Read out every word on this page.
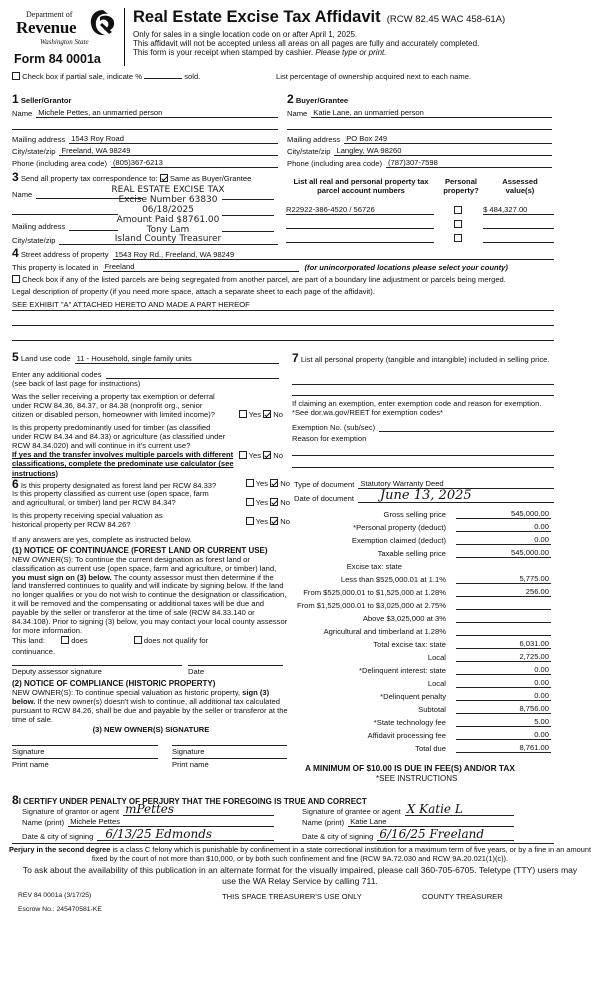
Department of
Revenue
Washington State
Form 84 0001a
Real Estate Excise Tax Affidavit (RCW 82.45 WAC 458-61A)
Only for sales in a single location code on or after April 1, 2025.
This affidavit will not be accepted unless all areas on all pages are fully and accurately completed.
This form is your receipt when stamped by cashier. Please type or print.
Check box if partial sale, indicate %	sold.	List percentage of ownership acquired next to each name.
1 Seller/Grantor
Name Michele Pettes, an unmarried person
Mailing address 1543 Roy Road
City/state/zip Freeland, WA 98249
Phone (including area code) (805)367-6213
2 Buyer/Grantee
Name Katie Lane, an unmarried person
Mailing address PO Box 249
City/state/zip Langley, WA 98260
Phone (including area code) (787)307-7598
3 Send all property tax correspondence to: Same as Buyer/Grantee
Name
Mailing address
City/state/zip
REAL ESTATE EXCISE TAX
Excise Number 63830
06/18/2025
Amount Paid $8761.00
Tony Lam
Island County Treasurer
List all real and personal property tax parcel account numbers
Personal property?
Assessed value(s)
R22922-386-4520 / 56726	$ 484,327.00
4 Street address of property 1543 Roy Rd., Freeland, WA 98249
This property is located in Freeland	(for unincorporated locations please select your county)
Check box if any of the listed parcels are being segregated from another parcel, are part of a boundary line adjustment or parcels being merged.
Legal description of property (if you need more space, attach a separate sheet to each page of the affidavit).
SEE EXHIBIT "A" ATTACHED HERETO AND MADE A PART HEREOF
5 Land use code 11 - Household, single family units
Enter any additional codes
(see back of last page for instructions)
Was the seller receiving a property tax exemption or deferral under RCW 84.36, 84.37, or 84.38 (nonprofit org., senior citizen or disabled person, homeowner with limited income)?	Yes No
Is this property predominantly used for timber (as classified under RCW 84.34 and 84.33) or agriculture (as classified under RCW 84.34.020) and will continue in it's current use?
If yes and the transfer involves multiple parcels with different classifications, complete the predominate use calculator (see instructions)
Yes No
7 List all personal property (tangible and intangible) included in selling price.
If claiming an exemption, enter exemption code and reason for exemption. *See dor.wa.gov/REET for exemption codes*
Exemption No. (sub/sec)
Reason for exemption
6 Is this property designated as forest land per RCW 84.33?	Yes No
Is this property classified as current use (open space, farm and agricultural, or timber) land per RCW 84.34?	Yes No
Is this property receiving special valuation as historical property per RCW 84.26?	Yes No
If any answers are yes, complete as instructed below.
(1) NOTICE OF CONTINUANCE (FOREST LAND OR CURRENT USE)
NEW OWNER(S): To continue the current designation as forest land or classification as current use (open space, farm and agriculture, or timber) land, you must sign on (3) below. The county assessor must then determine if the land transferred continues to qualify and will indicate by signing below. If the land no longer qualifies or you do not wish to continue the designation or classification, it will be removed and the compensating or additional taxes will be due and payable by the seller or transferor at the time of sale (RCW 84.33.140 or 84.34.108). Prior to signing (3) below, you may contact your local county assessor for more information.
This land:	does	does not qualify for
continuance.
Deputy assessor signature	Date
(2) NOTICE OF COMPLIANCE (HISTORIC PROPERTY)
NEW OWNER(S): To continue special valuation as historic property, sign (3) below. If the new owner(s) doesn't wish to continue, all additional tax calculated pursuant to RCW 84.26, shall be due and payable by the seller or transferor at the time of sale.
(3) NEW OWNER(S) SIGNATURE
Signature	Signature
Print name	Print name
Type of document Statutory Warranty Deed
Date of document	June 13, 2025
Gross selling price	545,000.00
*Personal property (deduct)	0.00
Exemption claimed (deduct)	0.00
Taxable selling price	545,000.00
Excise tax: state
Less than $525,000.01 at 1.1%	5,775.00
From $525,000.01 to $1,525,000 at 1.28%	256.00
From $1,525,000.01 to $3,025,000 at 2.75%
Above $3,025,000 at 3%
Agricultural and timberland at 1.28%
Total excise tax: state	6,031.00
Local	2,725.00
*Delinquent interest: state	0.00
Local	0.00
*Delinquent penalty	0.00
Subtotal	8,756.00
*State technology fee	5.00
Affidavit processing fee	0.00
Total due	8,761.00
A MINIMUM OF $10.00 IS DUE IN FEE(S) AND/OR TAX
*SEE INSTRUCTIONS
8I CERTIFY UNDER PENALTY OF PERJURY THAT THE FOREGOING IS TRUE AND CORRECT
Signature of grantor or agent mPettes
Name (print) Michele Pettes
Date & city of signing	6/13/25 Edmonds
Signature of grantee or agent X Katie L
Name (print) Katie Lane
Date & city of signing 6/16/25 Freeland
Perjury in the second degree is a class C felony which is punishable by confinement in a state correctional institution for a maximum term of five years, or by a fine in an amount fixed by the court of not more than $10,000, or by both such confinement and fine (RCW 9A.72.030 and RCW 9A.20.021(1)(c)).
To ask about the availability of this publication in an alternate format for the visually impaired, please call 360-705-6705. Teletype (TTY) users may use the WA Relay Service by calling 711.
REV 84 0001a (3/17/25)	THIS SPACE TREASURER'S USE ONLY	COUNTY TREASURER
Escrow No.: 245470581-KE
